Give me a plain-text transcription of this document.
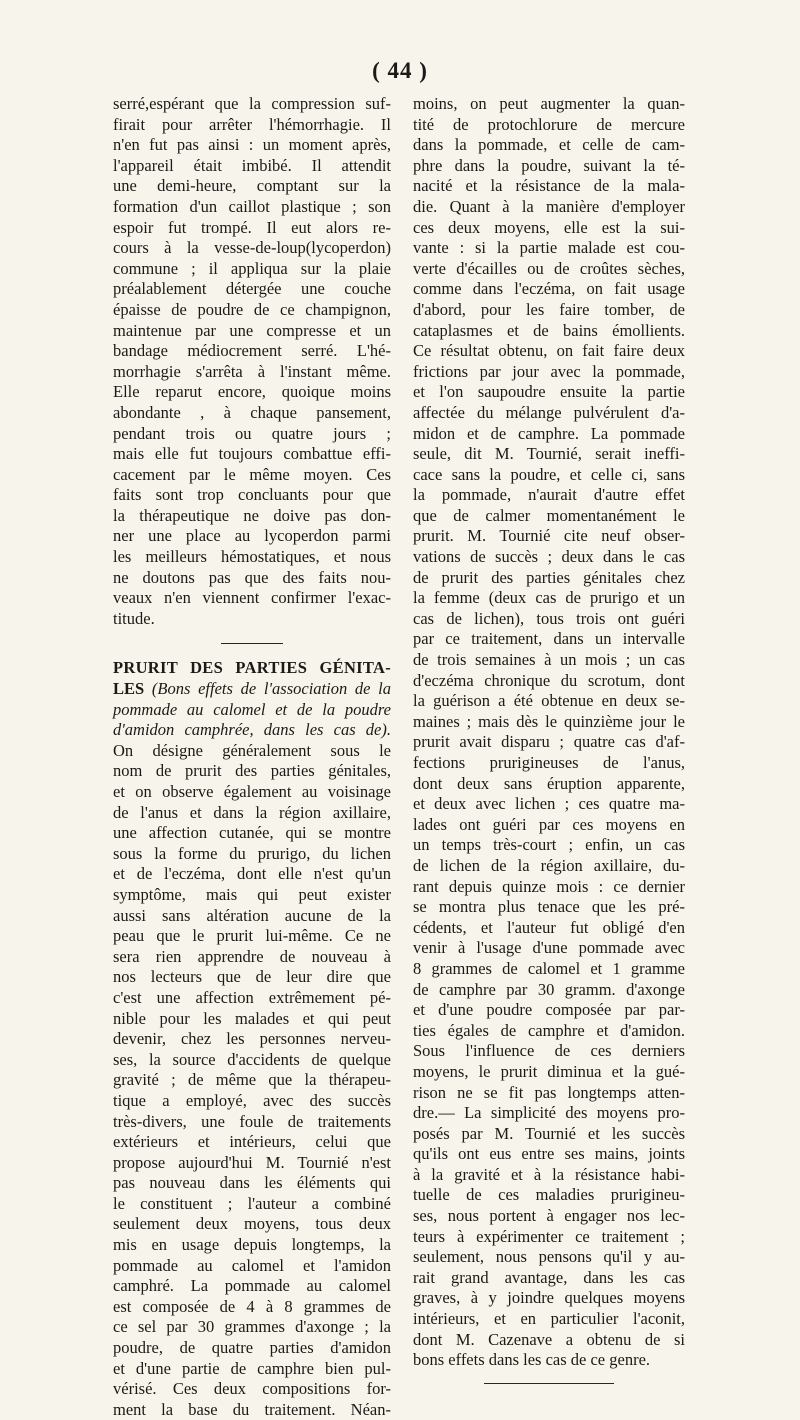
( 44 )
serré,espérant que la compression suf-
firait pour arrêter l'hémorrhagie. Il
n'en fut pas ainsi : un moment après,
l'appareil était imbibé. Il attendit
une demi-heure, comptant sur la
formation d'un caillot plastique ; son
espoir fut trompé. Il eut alors re-
cours à la vesse-de-loup(lycoperdon)
commune ; il appliqua sur la plaie
préalablement détergée une couche
épaisse de poudre de ce champignon,
maintenue par une compresse et un
bandage médiocrement serré. L'hé-
morrhagie s'arrêta à l'instant même.
Elle reparut encore, quoique moins
abondante , à chaque pansement,
pendant trois ou quatre jours ;
mais elle fut toujours combattue effi-
cacement par le même moyen. Ces
faits sont trop concluants pour que
la thérapeutique ne doive pas don-
ner une place au lycoperdon parmi
les meilleurs hémostatiques, et nous
ne doutons pas que des faits nou-
veaux n'en viennent confirmer l'exac-
titude.
PRURIT DES PARTIES GÉNITA-
LES (Bons effets de l'association de la
pommade au calomel et de la poudre
d'amidon camphrée, dans les cas de).
On désigne généralement sous le
nom de prurit des parties génitales,
et on observe également au voisinage
de l'anus et dans la région axillaire,
une affection cutanée, qui se montre
sous la forme du prurigo, du lichen
et de l'eczéma, dont elle n'est qu'un
symptôme, mais qui peut exister
aussi sans altération aucune de la
peau que le prurit lui-même. Ce ne
sera rien apprendre de nouveau à
nos lecteurs que de leur dire que
c'est une affection extrêmement pé-
nible pour les malades et qui peut
devenir, chez les personnes nerveu-
ses, la source d'accidents de quelque
gravité ; de même que la thérapeu-
tique a employé, avec des succès
très-divers, une foule de traitements
extérieurs et intérieurs, celui que
propose aujourd'hui M. Tournié n'est
pas nouveau dans les éléments qui
le constituent ; l'auteur a combiné
seulement deux moyens, tous deux
mis en usage depuis longtemps, la
pommade au calomel et l'amidon
camphré. La pommade au calomel
est composée de 4 à 8 grammes de
ce sel par 30 grammes d'axonge ; la
poudre, de quatre parties d'amidon
et d'une partie de camphre bien pul-
vérisé. Ces deux compositions for-
ment la base du traitement. Néan-
moins, on peut augmenter la quan-
tité de protochlorure de mercure
dans la pommade, et celle de cam-
phre dans la poudre, suivant la té-
nacité et la résistance de la mala-
die. Quant à la manière d'employer
ces deux moyens, elle est la sui-
vante : si la partie malade est cou-
verte d'écailles ou de croûtes sèches,
comme dans l'eczéma, on fait usage
d'abord, pour les faire tomber, de
cataplasmes et de bains émollients.
Ce résultat obtenu, on fait faire deux
frictions par jour avec la pommade,
et l'on saupoudre ensuite la partie
affectée du mélange pulvérulent d'a-
midon et de camphre. La pommade
seule, dit M. Tournié, serait ineffi-
cace sans la poudre, et celle ci, sans
la pommade, n'aurait d'autre effet
que de calmer momentanément le
prurit. M. Tournié cite neuf obser-
vations de succès ; deux dans le cas
de prurit des parties génitales chez
la femme (deux cas de prurigo et un
cas de lichen), tous trois ont guéri
par ce traitement, dans un intervalle
de trois semaines à un mois ; un cas
d'eczéma chronique du scrotum, dont
la guérison a été obtenue en deux se-
maines ; mais dès le quinzième jour le
prurit avait disparu ; quatre cas d'af-
fections prurigineuses de l'anus,
dont deux sans éruption apparente,
et deux avec lichen ; ces quatre ma-
lades ont guéri par ces moyens en
un temps très-court ; enfin, un cas
de lichen de la région axillaire, du-
rant depuis quinze mois : ce dernier
se montra plus tenace que les pré-
cédents, et l'auteur fut obligé d'en
venir à l'usage d'une pommade avec
8 grammes de calomel et 1 gramme
de camphre par 30 gramm. d'axonge
et d'une poudre composée par par-
ties égales de camphre et d'amidon.
Sous l'influence de ces derniers
moyens, le prurit diminua et la gué-
rison ne se fit pas longtemps atten-
dre.— La simplicité des moyens pro-
posés par M. Tournié et les succès
qu'ils ont eus entre ses mains, joints
à la gravité et à la résistance habi-
tuelle de ces maladies prurigineu-
ses, nous portent à engager nos lec-
teurs à expérimenter ce traitement ;
seulement, nous pensons qu'il y au-
rait grand avantage, dans les cas
graves, à y joindre quelques moyens
intérieurs, et en particulier l'aconit,
dont M. Cazenave a obtenu de si
bons effets dans les cas de ce genre.
